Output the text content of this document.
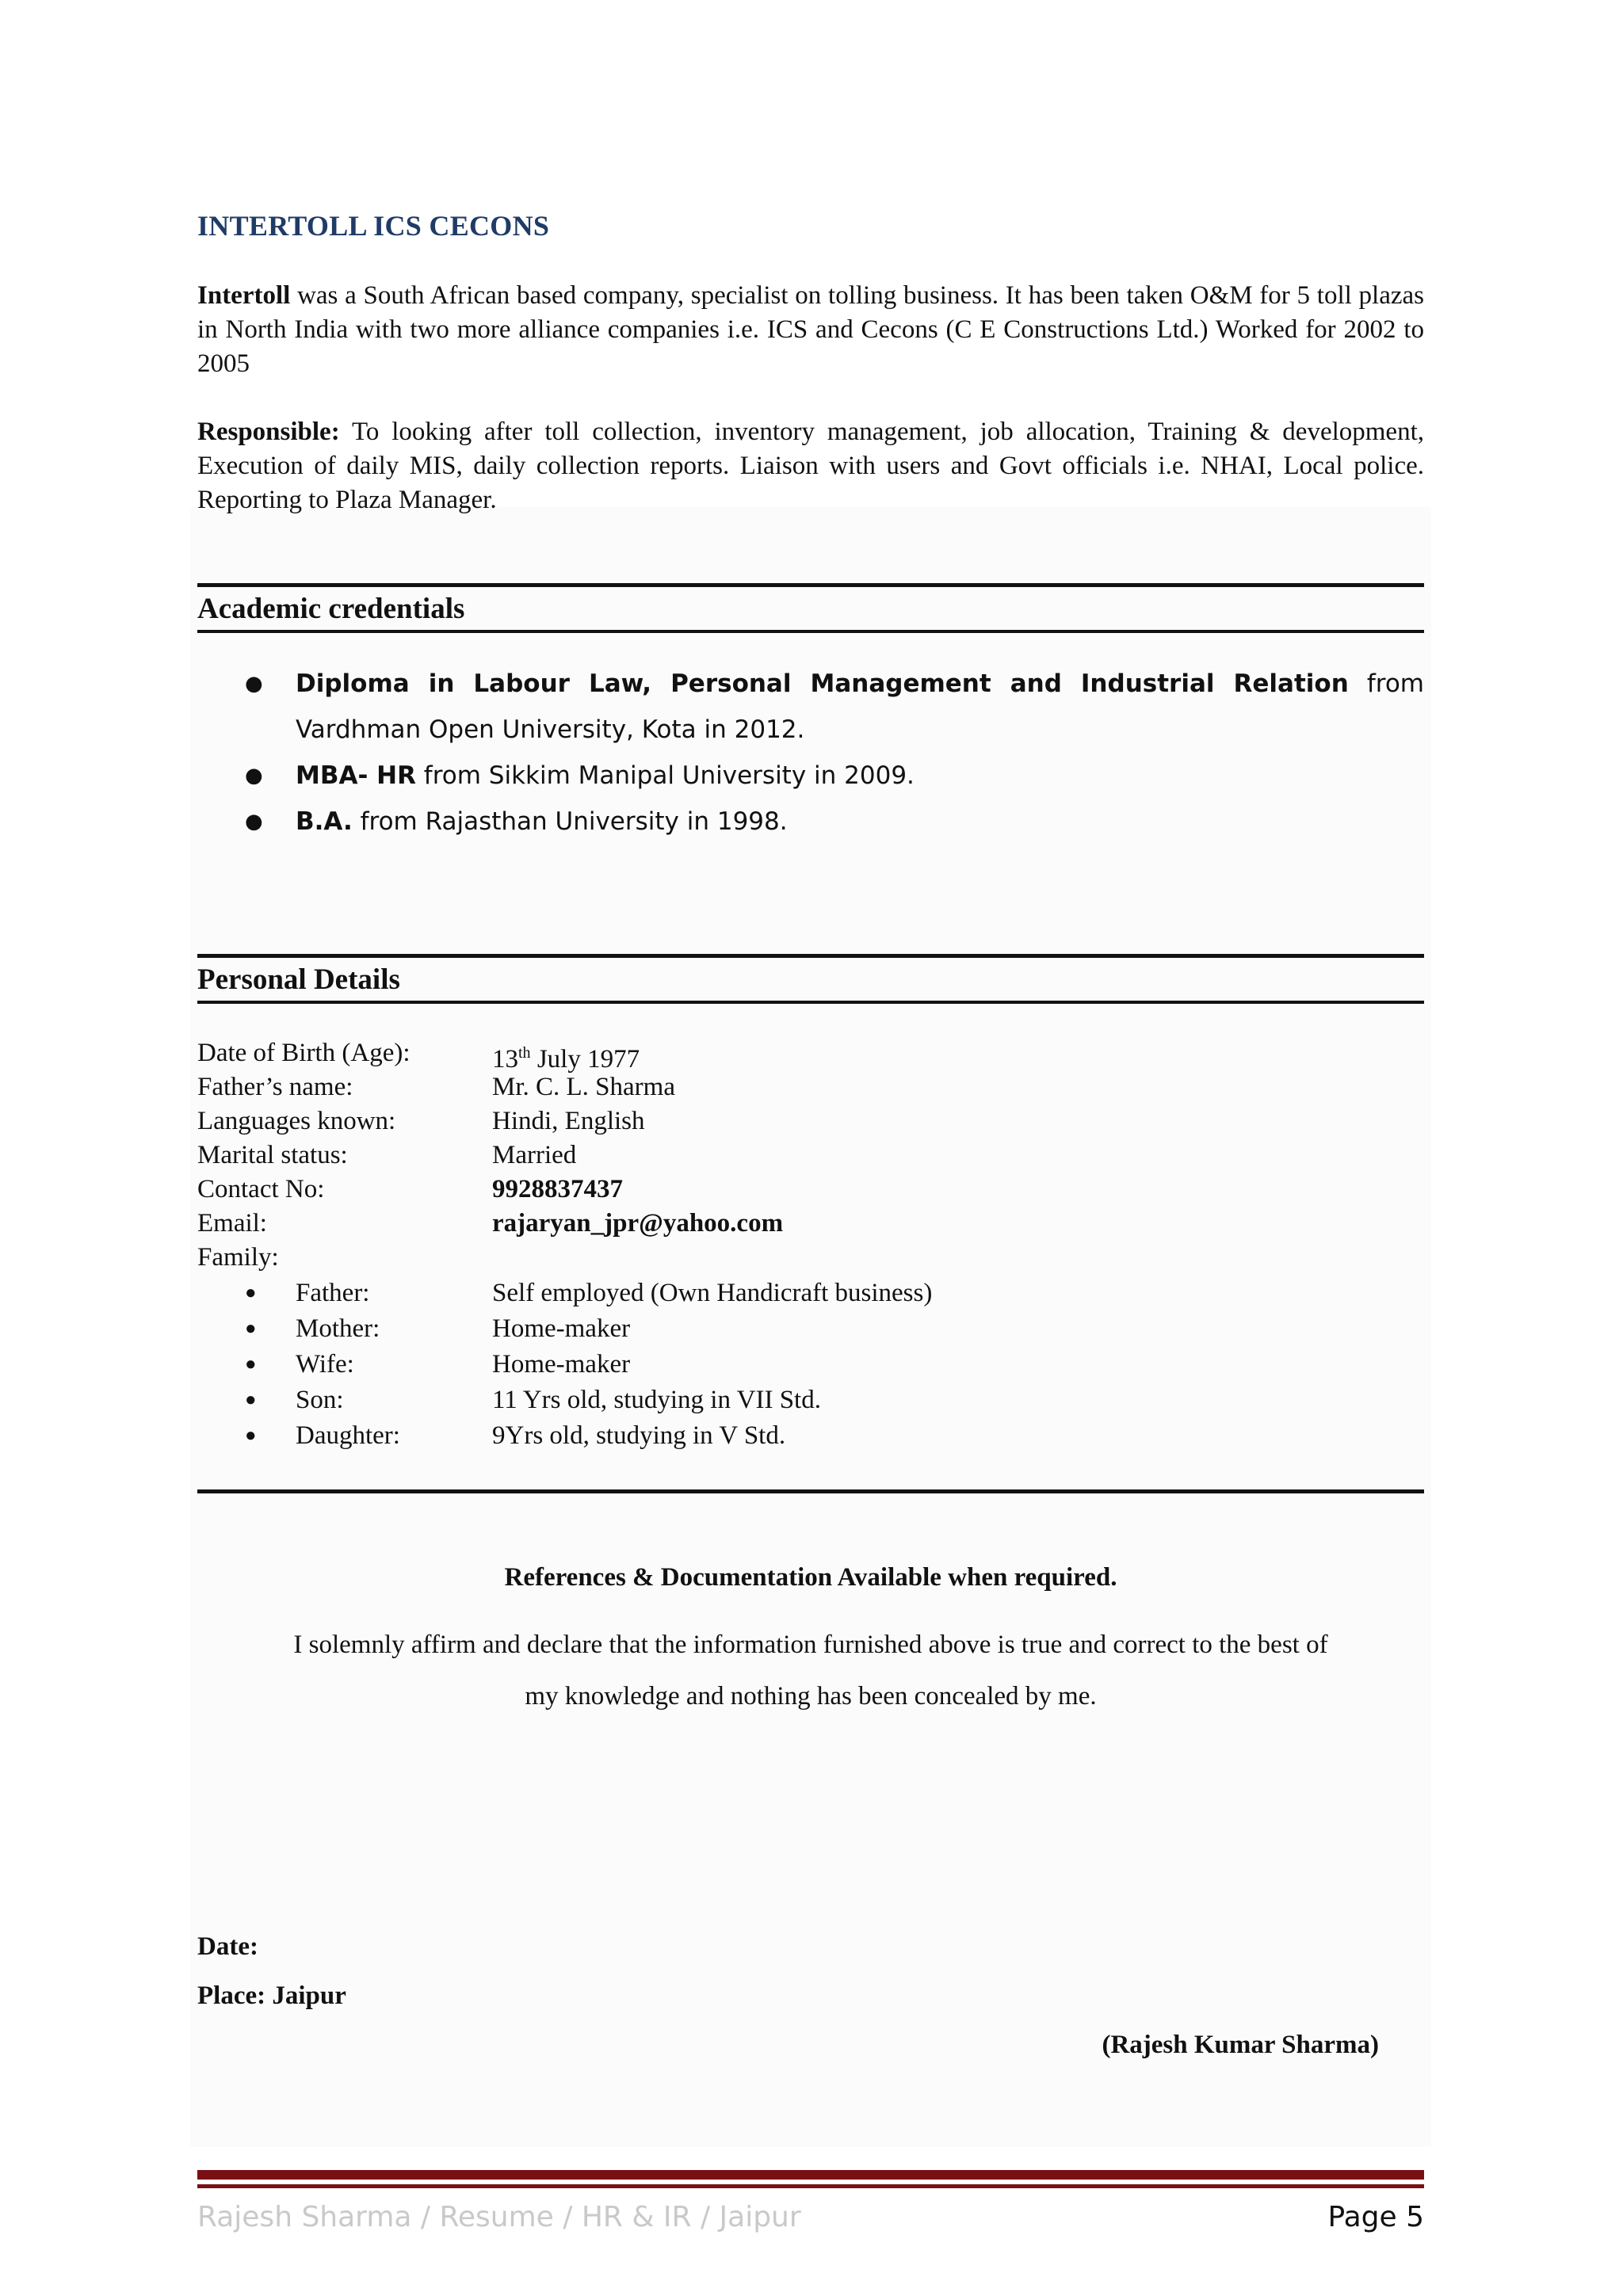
INTERTOLL ICS CECONS
Intertoll was a South African based company, specialist on tolling business. It has been taken O&M for 5 toll plazas in North India with two more alliance companies i.e. ICS and Cecons (C E Constructions Ltd.) Worked for 2002 to 2005
Responsible: To looking after toll collection, inventory management, job allocation, Training & development, Execution of daily MIS, daily collection reports. Liaison with users and Govt officials i.e. NHAI, Local police. Reporting to Plaza Manager.
Academic credentials
● Diploma in Labour Law, Personal Management and Industrial Relation from
Vardhman Open University, Kota in 2012.
● MBA- HR from Sikkim Manipal University in 2009.
● B.A. from Rajasthan University in 1998.
Personal Details
Date of Birth (Age):	13th July 1977
Father’s name:	Mr. C. L. Sharma
Languages known:	Hindi, English
Marital status:	Married
Contact No:	9928837437
Email:	rajaryan_jpr@yahoo.com
Family:
● Father:	Self employed (Own Handicraft business)
● Mother:	Home-maker
● Wife:	Home-maker
● Son:	11 Yrs old, studying in VII Std.
● Daughter:	9Yrs old, studying in V Std.
References & Documentation Available when required.
I solemnly affirm and declare that the information furnished above is true and correct to the best of
my knowledge and nothing has been concealed by me.
Date:
Place: Jaipur
(Rajesh Kumar Sharma)
Rajesh Sharma / Resume / HR & IR / Jaipur	Page 5
